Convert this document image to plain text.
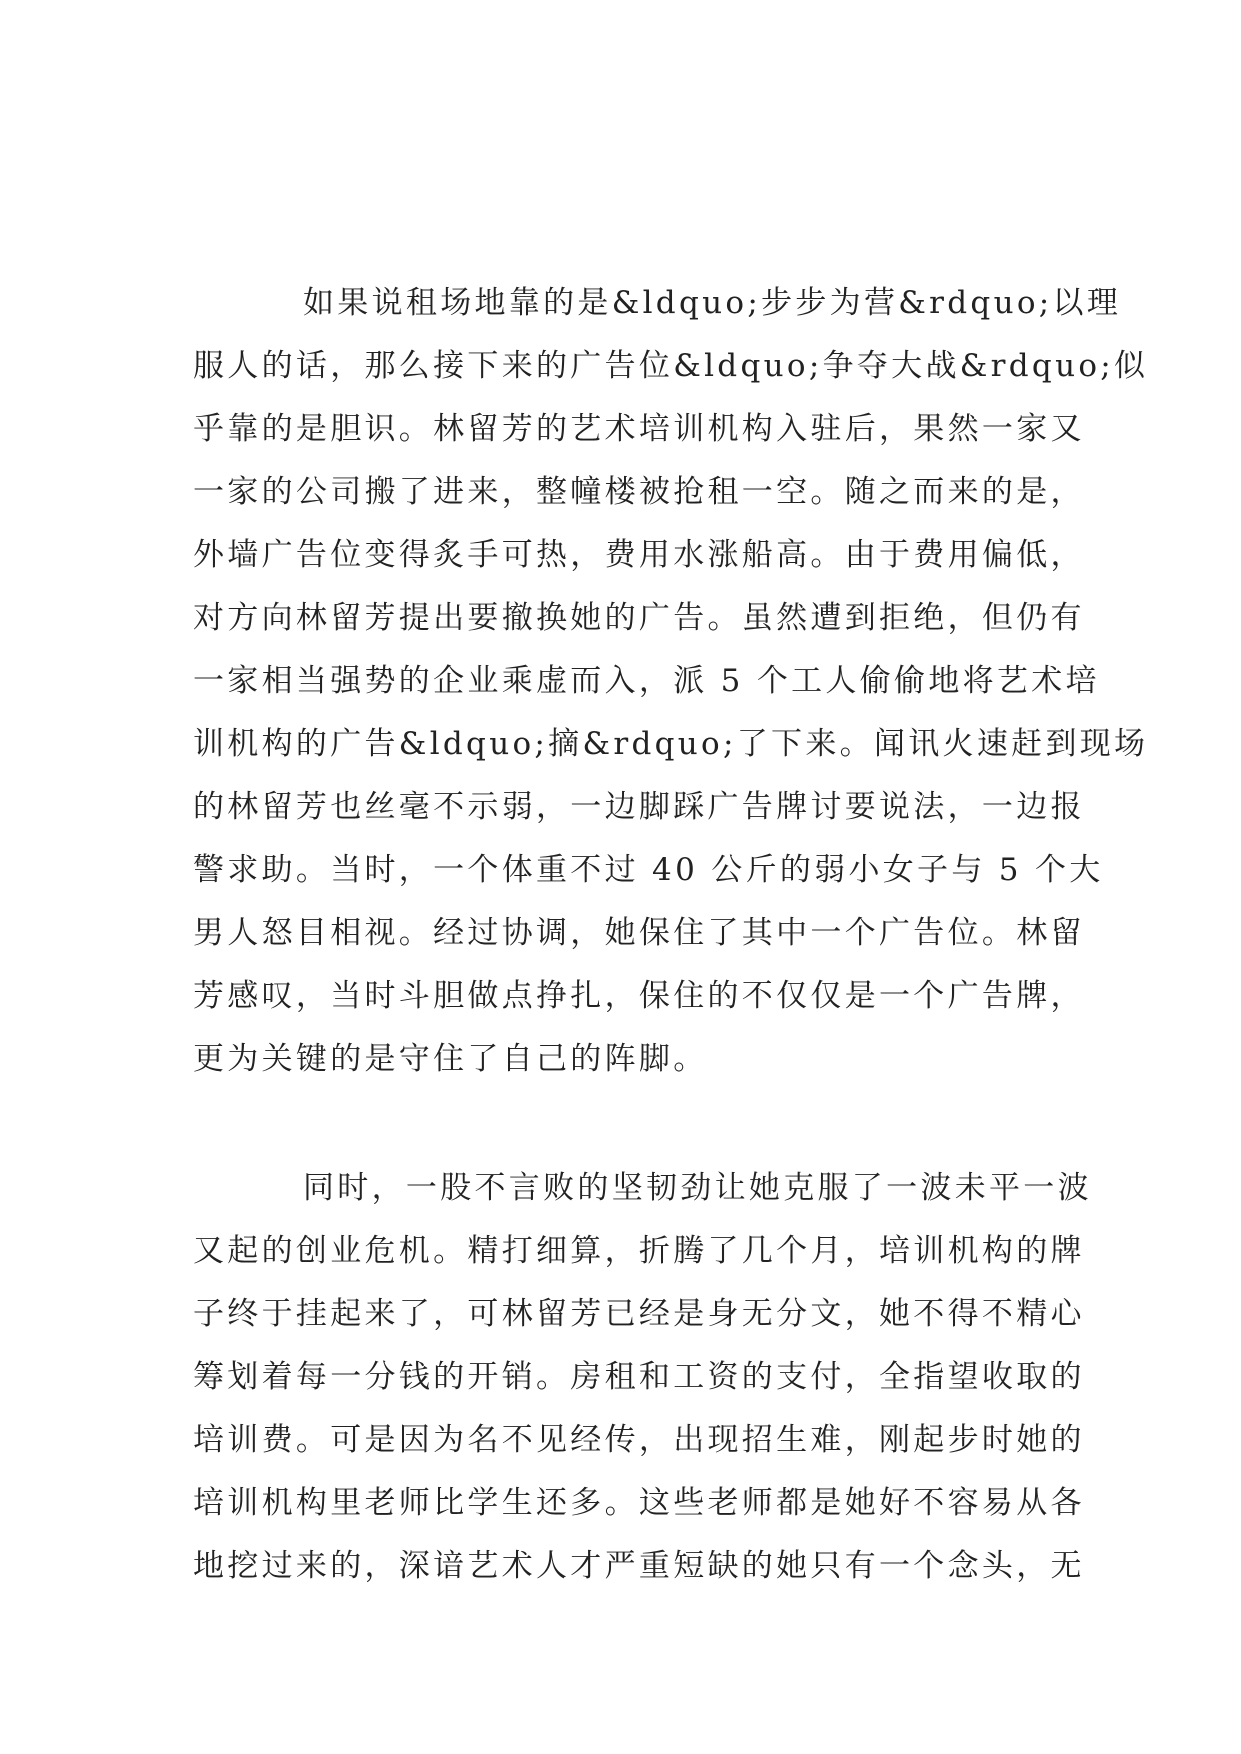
如果说租场地靠的是&ldquo;步步为营&rdquo;以理
服人的话，那么接下来的广告位&ldquo;争夺大战&rdquo;似
乎靠的是胆识。林留芳的艺术培训机构入驻后，果然一家又
一家的公司搬了进来，整幢楼被抢租一空。随之而来的是，
外墙广告位变得炙手可热，费用水涨船高。由于费用偏低，
对方向林留芳提出要撤换她的广告。虽然遭到拒绝，但仍有
一家相当强势的企业乘虚而入，派 5 个工人偷偷地将艺术培
训机构的广告&ldquo;摘&rdquo;了下来。闻讯火速赶到现场
的林留芳也丝毫不示弱，一边脚踩广告牌讨要说法，一边报
警求助。当时，一个体重不过 40 公斤的弱小女子与 5 个大
男人怒目相视。经过协调，她保住了其中一个广告位。林留
芳感叹，当时斗胆做点挣扎，保住的不仅仅是一个广告牌，
更为关键的是守住了自己的阵脚。
同时，一股不言败的坚韧劲让她克服了一波未平一波
又起的创业危机。精打细算，折腾了几个月，培训机构的牌
子终于挂起来了，可林留芳已经是身无分文，她不得不精心
筹划着每一分钱的开销。房租和工资的支付，全指望收取的
培训费。可是因为名不见经传，出现招生难，刚起步时她的
培训机构里老师比学生还多。这些老师都是她好不容易从各
地挖过来的，深谙艺术人才严重短缺的她只有一个念头，无
